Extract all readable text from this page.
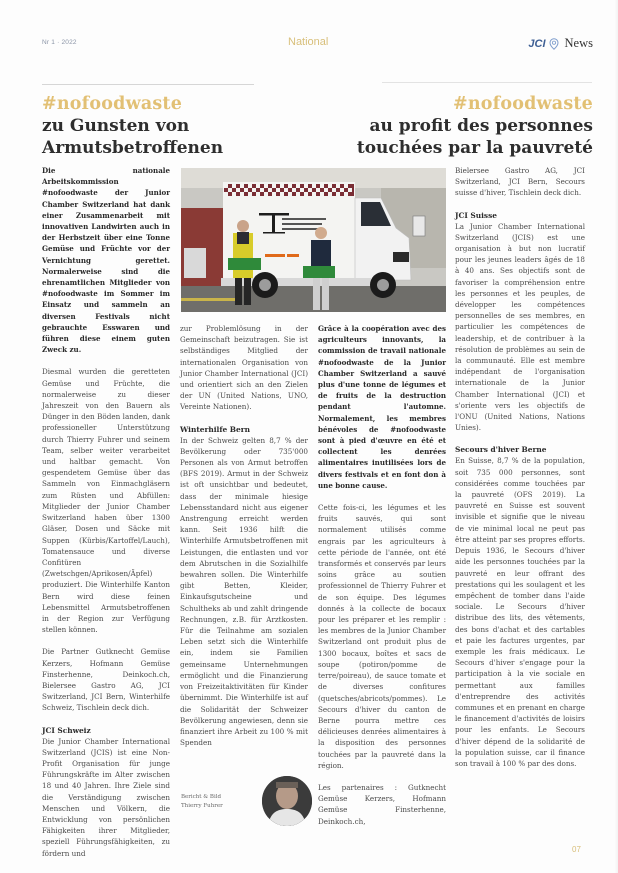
Nr 1 · 2022	National	JCI News
#nofoodwaste
zu Gunsten von
Armutsbetroffenen
#nofoodwaste
au profit des personnes
touchées par la pauvreté

Die nationale Arbeitskommission #nofoodwaste der Junior Chamber Switzerland hat dank einer Zusammenarbeit mit innovativen Landwirten auch in der Herbstzeit über eine Tonne Gemüse und Früchte vor der Vernichtung gerettet. Normalerweise sind die ehrenamtlichen Mitglieder von #nofoodwaste im Sommer im Einsatz und sammeln an diversen Festivals nicht gebrauchte Esswaren und führen diese einem guten Zweck zu.

Diesmal wurden die geretteten Gemüse und Früchte, die normalerweise zu dieser Jahreszeit von den Bauern als Dünger in den Böden landen, dank professioneller Unterstützung durch Thierry Fuhrer und seinem Team, selber weiter verarbeitet und haltbar gemacht. Von gespendetem Gemüse über das Sammeln von Einmachgläsern zum Rüsten und Abfüllen: Mitglieder der Junior Chamber Switzerland haben über 1300 Gläser, Dosen und Säcke mit Suppen (Kürbis/Kartoffel/Lauch), Tomatensauce und diverse Confitüren (Zwetschgen/Aprikosen/Äpfel) produziert. Die Winterhilfe Kanton Bern wird diese feinen Lebensmittel Armutsbetroffenen in der Region zur Verfügung stellen können.

Die Partner Gutknecht Gemüse Kerzers, Hofmann Gemüse Finsterhenne, Deinkoch.ch, Bielersee Gastro AG, JCI Switzerland, JCI Bern, Winterhilfe Schweiz, Tischlein deck dich.

JCI Schweiz

Die Junior Chamber International Switzerland (JCIS) ist eine Non-Profit Organisation für junge Führungskräfte im Alter zwischen 18 und 40 Jahren. Ihre Ziele sind die Verständigung zwischen Menschen und Völkern, die Entwicklung von persönlichen Fähigkeiten ihrer Mitglieder, speziell Führungsfähigkeiten, zu fördern und

zur Problemlösung in der Gemeinschaft beizutragen. Sie ist selbständiges Mitglied der internationalen Organisation von Junior Chamber International (JCI) und orientiert sich an den Zielen der UN (United Nations, UNO, Vereinte Nationen).

Winterhilfe Bern

In der Schweiz gelten 8,7 % der Bevölkerung oder 735'000 Personen als von Armut betroffen (BFS 2019). Armut in der Schweiz ist oft unsichtbar und bedeutet, dass der minimale hiesige Lebensstandard nicht aus eigener Anstrengung erreicht werden kann. Seit 1936 hilft die Winterhilfe Armutsbetroffenen mit Leistungen, die entlasten und vor dem Abrutschen in die Sozialhilfe bewahren sollen. Die Winterhilfe gibt Betten, Kleider, Einkaufsgutscheine und Schultheks ab und zahlt dringende Rechnungen, z.B. für Arztkosten. Für die Teilnahme am sozialen Leben setzt sich die Winterhilfe ein, indem sie Familien gemeinsame Unternehmungen ermöglicht und die Finanzierung von Freizeitaktivitäten für Kinder übernimmt. Die Winterhilfe ist auf die Solidarität der Schweizer Bevölkerung angewiesen, denn sie finanziert ihre Arbeit zu 100 % mit Spenden

Bericht & Bild
Thierry Fuhrer

Grâce à la coopération avec des agriculteurs innovants, la commission de travail nationale #nofoodwaste de la Junior Chamber Switzerland a sauvé plus d'une tonne de légumes et de fruits de la destruction pendant l'automne. Normalement, les membres bénévoles de #nofoodwaste sont à pied d'œuvre en été et collectent les denrées alimentaires inutilisées lors de divers festivals et en font don à une bonne cause.

Cette fois-ci, les légumes et les fruits sauvés, qui sont normalement utilisés comme engrais par les agriculteurs à cette période de l'année, ont été transformés et conservés par leurs soins grâce au soutien professionnel de Thierry Fuhrer et de son équipe. Des légumes donnés à la collecte de bocaux pour les préparer et les remplir : les membres de la Junior Chamber Switzerland ont produit plus de 1300 bocaux, boîtes et sacs de soupe (potiron/pomme de terre/poireau), de sauce tomate et de diverses confitures (quetsches/abricots/pommes). Le Secours d'hiver du canton de Berne pourra mettre ces délicieuses denrées alimentaires à la disposition des personnes touchées par la pauvreté dans la région.

Les partenaires : Gutknecht Gemüse Kerzers, Hofmann Gemüse Finsterhenne, Deinkoch.ch,

Bielersee Gastro AG, JCI Switzerland, JCI Bern, Secours suisse d'hiver, Tischlein deck dich.

JCI Suisse

La Junior Chamber International Switzerland (JCIS) est une organisation à but non lucratif pour les jeunes leaders âgés de 18 à 40 ans. Ses objectifs sont de favoriser la compréhension entre les personnes et les peuples, de développer les compétences personnelles de ses membres, en particulier les compétences de leadership, et de contribuer à la résolution de problèmes au sein de la communauté. Elle est membre indépendant de l'organisation internationale de la Junior Chamber International (JCI) et s'oriente vers les objectifs de l'ONU (United Nations, Nations Unies).

Secours d'hiver Berne

En Suisse, 8,7 % de la population, soit 735 000 personnes, sont considérées comme touchées par la pauvreté (OFS 2019). La pauvreté en Suisse est souvent invisible et signifie que le niveau de vie minimal local ne peut pas être atteint par ses propres efforts. Depuis 1936, le Secours d'hiver aide les personnes touchées par la pauvreté en leur offrant des prestations qui les soulagent et les empêchent de tomber dans l'aide sociale. Le Secours d'hiver distribue des lits, des vêtements, des bons d'achat et des cartables et paie les factures urgentes, par exemple les frais médicaux. Le Secours d'hiver s'engage pour la participation à la vie sociale en permettant aux familles d'entreprendre des activités communes et en prenant en charge le financement d'activités de loisirs pour les enfants. Le Secours d'hiver dépend de la solidarité de la population suisse, car il finance son travail à 100 % par des dons.

07
